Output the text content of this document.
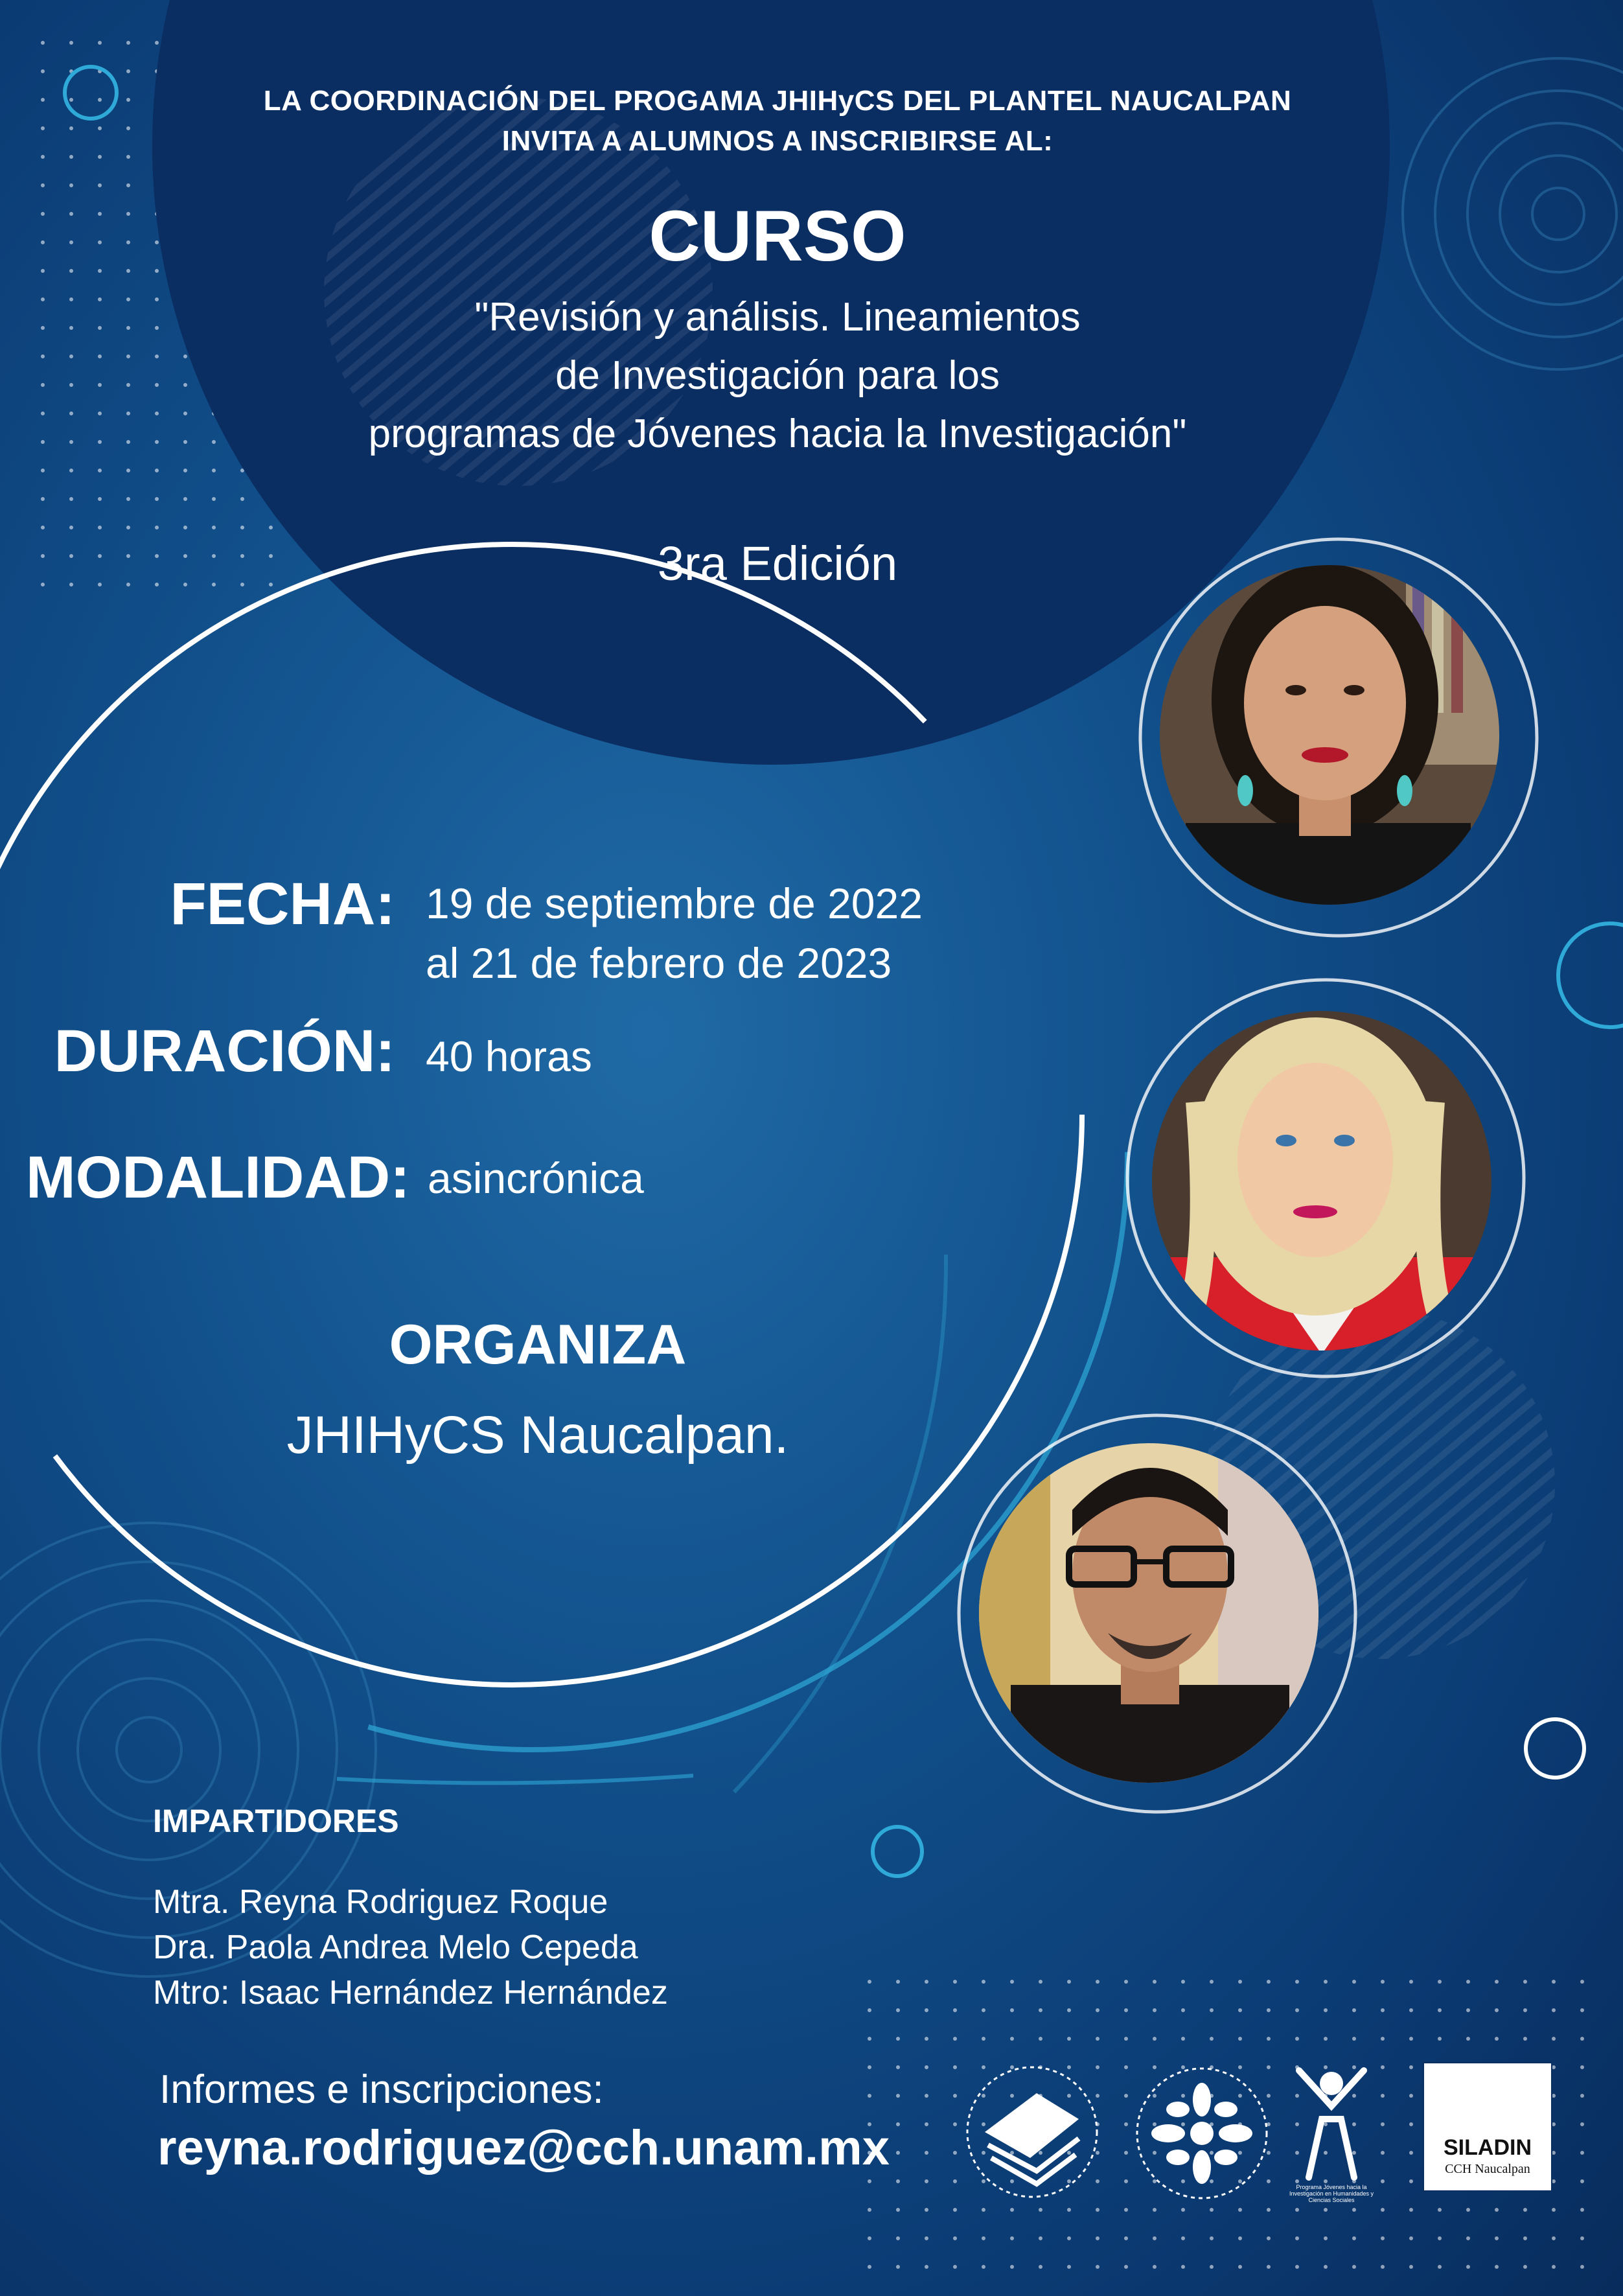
LA COORDINACIÓN DEL PROGAMA JHIHyCS DEL PLANTEL NAUCALPAN
INVITA A ALUMNOS A INSCRIBIRSE AL:
CURSO
"Revisión y análisis. Lineamientos
de Investigación para los
programas de Jóvenes hacia la Investigación"
3ra Edición
FECHA: 19 de septiembre de 2022
al 21 de febrero de 2023
DURACIÓN: 40 horas
MODALIDAD: asincrónica
ORGANIZA
JHIHyCS Naucalpan.
IMPARTIDORES
Mtra. Reyna Rodriguez Roque
Dra. Paola Andrea Melo Cepeda
Mtro: Isaac Hernández Hernández
Informes e inscripciones:
reyna.rodriguez@cch.unam.mx
Programa Jóvenes hacia la Investigación en Humanidades y Ciencias Sociales
SILADIN
CCH Naucalpan
